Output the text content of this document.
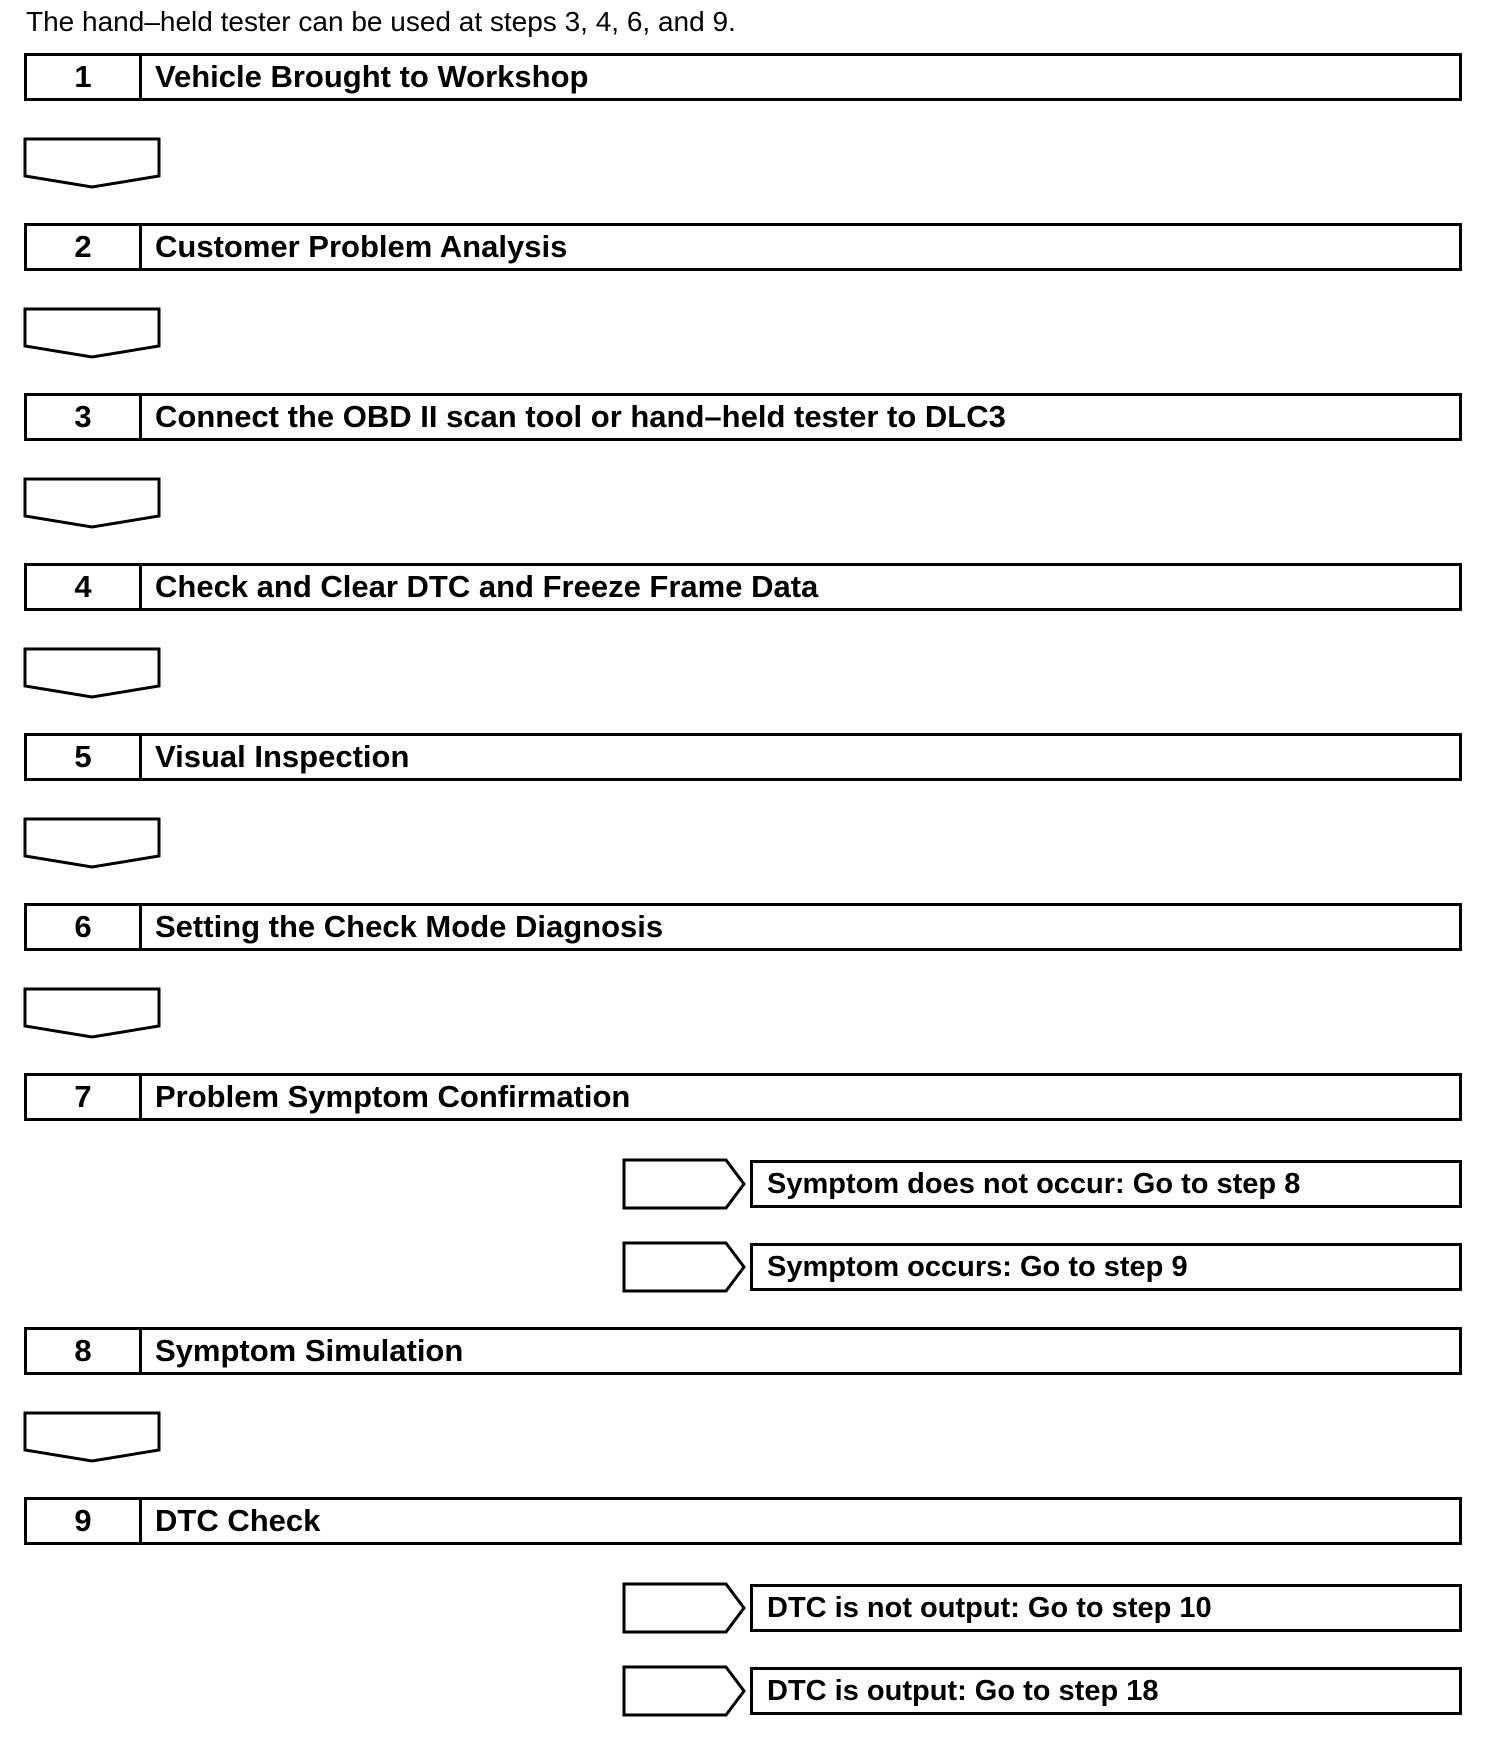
The hand–held tester can be used at steps 3, 4, 6, and 9.
1	Vehicle Brought to Workshop
2	Customer Problem Analysis
3	Connect the OBD II scan tool or hand–held tester to DLC3
4	Check and Clear DTC and Freeze Frame Data
5	Visual Inspection
6	Setting the Check Mode Diagnosis
7	Problem Symptom Confirmation
Symptom does not occur: Go to step 8
Symptom occurs: Go to step 9
8	Symptom Simulation
9	DTC Check
DTC is not output: Go to step 10
DTC is output: Go to step 18
